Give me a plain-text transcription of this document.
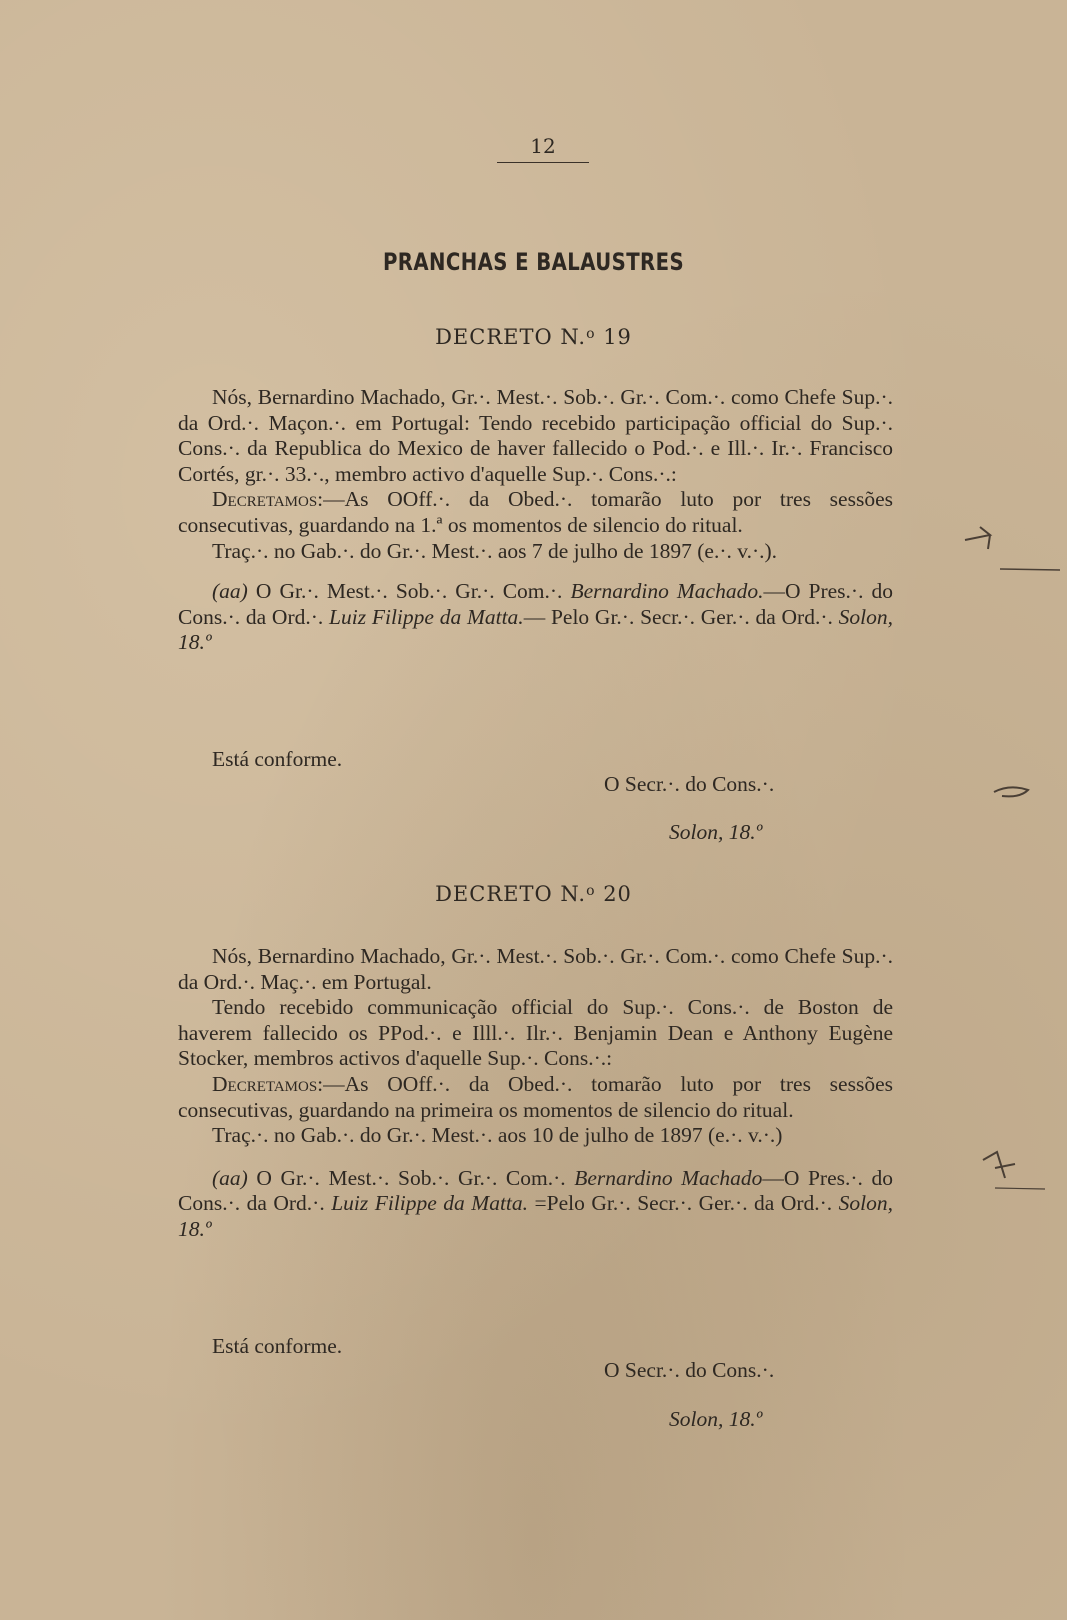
12
PRANCHAS E BALAUSTRES
DECRETO N.$^o$ 19

Nós, Bernardino Machado, Gr.·. Mest.·. Sob.·. Gr.·. Com.·. como Chefe Sup.·. da Ord.·. Maçon.·. em Portugal: Tendo recebido participação official do Sup.·. Cons.·. da Republica do Mexico de haver fallecido o Pod.·. e Ill.·. Ir.·. Francisco Cortés, gr.·. 33.·., membro activo d'aquelle Sup.·. Cons.·.:

Decretamos:—As OOff.·. da Obed.·. tomarão luto por tres sessões consecutivas, guardando na 1.ª os momentos de silencio do ritual.

Traç.·. no Gab.·. do Gr.·. Mest.·. aos 7 de julho de 1897 (e.·. v.·.).

(aa) O Gr.·. Mest.·. Sob.·. Gr.·. Com.·. Bernardino Machado.—O Pres.·. do Cons.·. da Ord.·. Luiz Filippe da Matta.— Pelo Gr.·. Secr.·. Ger.·. da Ord.·. Solon, 18.º

Está conforme.
O Secr.·. do Cons.·.
Solon, 18.º
DECRETO N.$^o$ 20

Nós, Bernardino Machado, Gr.·. Mest.·. Sob.·. Gr.·. Com.·. como Chefe Sup.·. da Ord.·. Maç.·. em Portugal.

Tendo recebido communicação official do Sup.·. Cons.·. de Boston de haverem fallecido os PPod.·. e Illl.·. Ilr.·. Benjamin Dean e Anthony Eugène Stocker, membros activos d'aquelle Sup.·. Cons.·.:

Decretamos:—As OOff.·. da Obed.·. tomarão luto por tres sessões consecutivas, guardando na primeira os momentos de silencio do ritual.

Traç.·. no Gab.·. do Gr.·. Mest.·. aos 10 de julho de 1897 (e.·. v.·.)

(aa) O Gr.·. Mest.·. Sob.·. Gr.·. Com.·. Bernardino Machado—O Pres.·. do Cons.·. da Ord.·. Luiz Filippe da Matta. =Pelo Gr.·. Secr.·. Ger.·. da Ord.·. Solon, 18.º

Está conforme.
O Secr.·. do Cons.·.
Solon, 18.º
